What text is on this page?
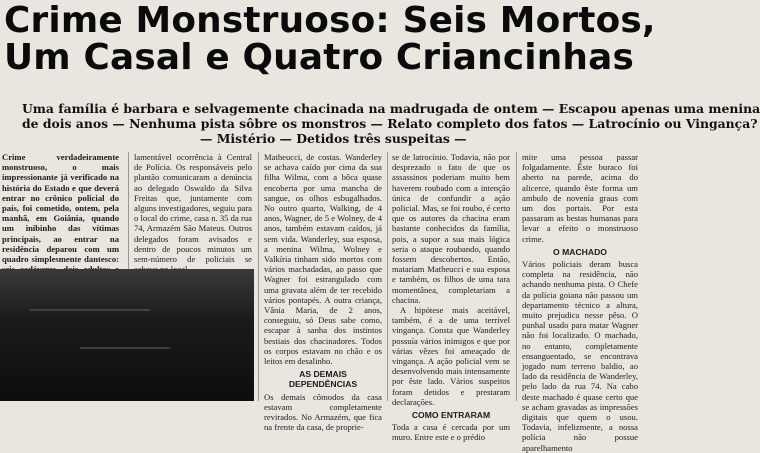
Crime Monstruoso: Seis Mortos,
Um Casal e Quatro Criancinhas
Uma família é barbara e selvagemente chacinada na madrugada de ontem — Escapou apenas uma menina
de dois anos — Nenhuma pista sôbre os monstros — Relato completo dos fatos — Latrocínio ou Vingança?
— Mistério — Detidos três suspeitas —

Crime verdadeiramente monstruoso, o mais impressionante já verificado na história do Estado e que deverá entrar no crônico policial do país, foi cometido, ontem, pela manhã, em Goiânia, quando um inibinho das vítimas principais, ao entrar na residência deparou com um quadro simplesmente dantesco:

lamentável ocorrência à Central de Polícia. Os responsáveis pelo plantão comunicaram a denúncia ao delegado Oswaldo da Silva Freitas que, juntamente com alguns investigadores, seguiu para o local do crime, casa n. 35 da rua 74, Armazém São Mateus. Outros delegados foram avisados e dentro de poucos minutos um sem-número de policiais se

Matheucci, de costas. Wanderley se achava caído por cima da sua filha Wilma, com a bôca quase encoberta por uma mancha de sangue, os olhos esbugalhados. No outro quarto, Walking, de 4 anos, Wagner, de 5 e Wolney, de 4 anos, também estavam caídos, já sem vida. Wanderley, sua esposa, a menina Wilma, Wolney e Valkíria tinham sido mortos com vários machadadas, ao passo que Wagner foi estrangulado com uma gravata além de ter recebido vários pontapés. A outra criança, Vânia Maria, de 2 anos, conseguiu, só Deus sabe como, escapar à sanha dos instintos bestiais dos chacinadores. Todos os corpos estavam no chão e os leitos em desalinho.

AS DEMAIS DEPENDÊNCIAS

Os demais cômodos da casa estavam completamente revirados. No Armazém, que fica na frente da casa, de proprie-

se de latrocínio. Todavia, não por desprezado o fato de que os assassinos poderiam muito bem haverem roubado com a intenção única de confundir a ação policial. Mas, se foi roubo, é certo que os autores da chacina eram bastante conhecidos da família, pois, a supor a sua mais lógica seria o ataque roubando, quando fossem descobertos. Então, matariam Matheucci e sua esposa e também, os filhos de uma tara momentânea, completariam a chacina.

A hipótese mais aceitável, também, é a de uma terrível vingança. Consta que Wanderley possuía vários inimigos e que por várias vêzes foi ameaçado de vingança. A ação policial vem se desenvolvendo mais intensamente por êste lado. Vários suspeitos foram detidos e prestaram declarações.

COMO ENTRARAM

Toda a casa é cercada por um muro. Entre este e o prédio

mite uma pessoa passar folgadamente. Êste buraco foi aberto na parede, acima do alicerce, quando êste forma um ambulo de novenía graus com um dos portais. Por esta passaram as bestas humanas para levar a efeito o monstruoso crime.

O MACHADO

Vários policiais deram busca completa na residência, não achando nenhuma pista. O Chefe da polícia goiana não passou um departamento técnico a altura, muito prejudica nesse pêso. O punhal usado para matar Wagner não foi localizado. O machado, no entanto, completamente ensanguentado, se encontrava jogado num terreno baldio, ao lado da residência de Wanderley, pelo lado da rua 74. Na cabo deste machado é quase certo que se acham gravadas as impressões digitais que quem o usou. Todavia, infelizmente, a nossa polícia não possue aparelhamento
